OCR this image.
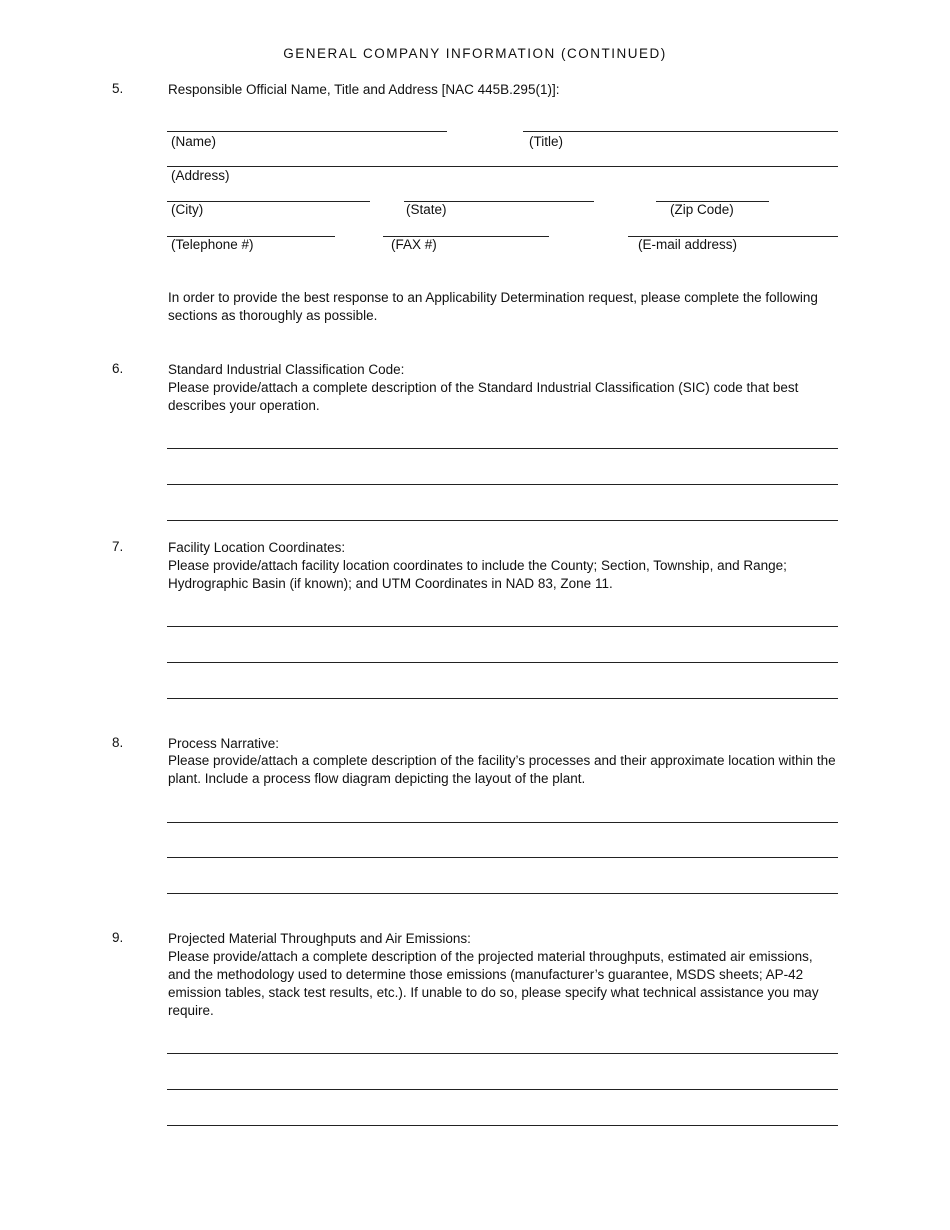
GENERAL COMPANY INFORMATION (CONTINUED)
5.	Responsible Official Name, Title and Address [NAC 445B.295(1)]:
(Name)	(Title)
(Address)
(City)	(State)	(Zip Code)
(Telephone #)	(FAX #)	(E-mail address)
In order to provide the best response to an Applicability Determination request, please complete the following sections as thoroughly as possible.
6.	Standard Industrial Classification Code:
Please provide/attach a complete description of the Standard Industrial Classification (SIC) code that best describes your operation.
7.	Facility Location Coordinates:
Please provide/attach facility location coordinates to include the County; Section, Township, and Range; Hydrographic Basin (if known); and UTM Coordinates in NAD 83, Zone 11.
8.	Process Narrative:
Please provide/attach a complete description of the facility’s processes and their approximate location within the plant. Include a process flow diagram depicting the layout of the plant.
9.	Projected Material Throughputs and Air Emissions:
Please provide/attach a complete description of the projected material throughputs, estimated air emissions, and the methodology used to determine those emissions (manufacturer’s guarantee, MSDS sheets; AP-42 emission tables, stack test results, etc.). If unable to do so, please specify what technical assistance you may require.
